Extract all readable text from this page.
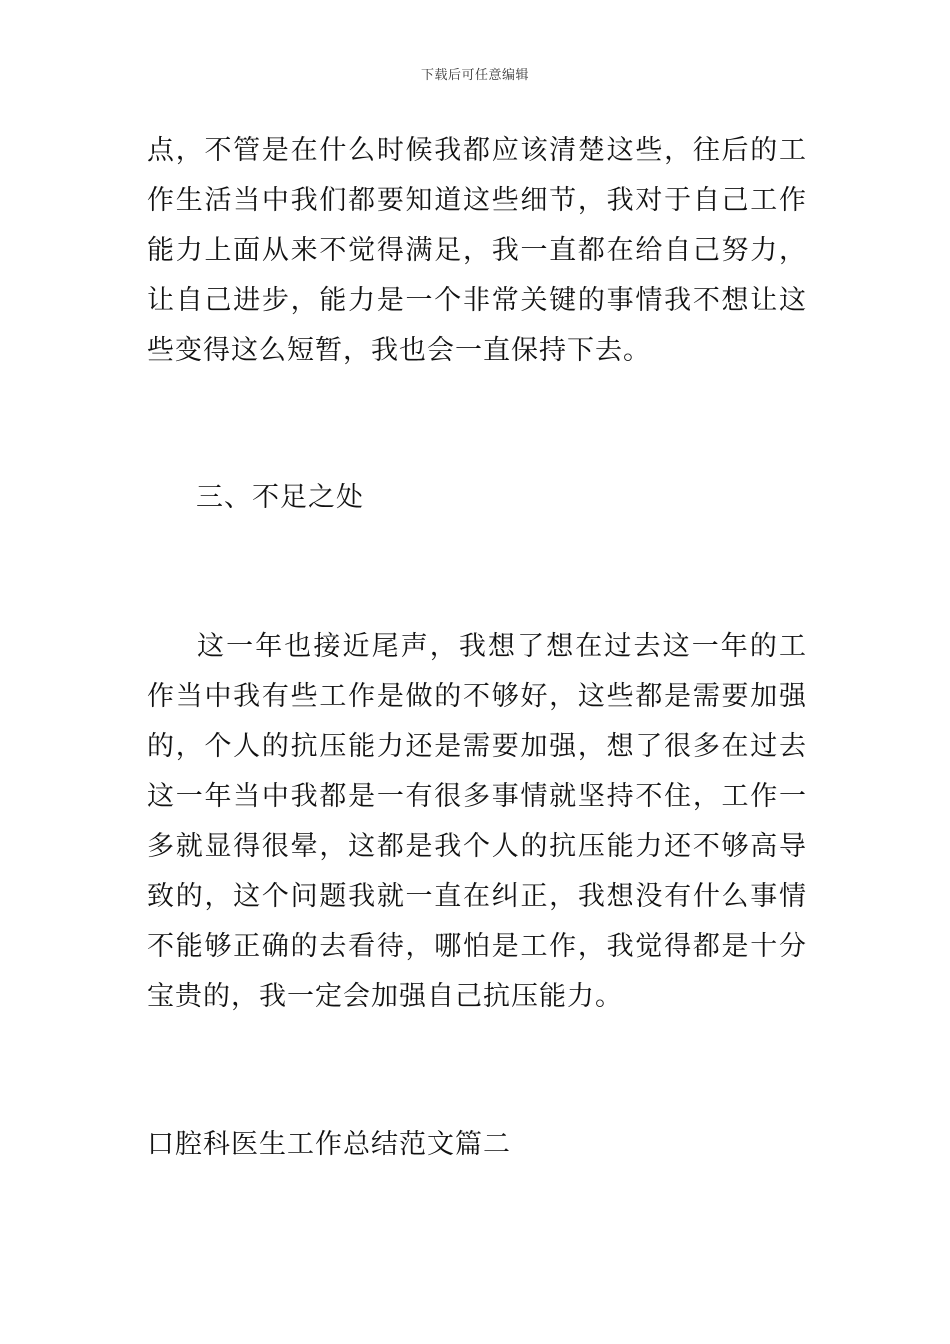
下载后可任意编辑
点，不管是在什么时候我都应该清楚这些，往后的工作生活当中我们都要知道这些细节，我对于自己工作能力上面从来不觉得满足，我一直都在给自己努力，让自己进步，能力是一个非常关键的事情我不想让这些变得这么短暂，我也会一直保持下去。
三、不足之处
这一年也接近尾声，我想了想在过去这一年的工作当中我有些工作是做的不够好，这些都是需要加强的，个人的抗压能力还是需要加强，想了很多在过去这一年当中我都是一有很多事情就坚持不住，工作一多就显得很晕，这都是我个人的抗压能力还不够高导致的，这个问题我就一直在纠正，我想没有什么事情不能够正确的去看待，哪怕是工作，我觉得都是十分宝贵的，我一定会加强自己抗压能力。
口腔科医生工作总结范文篇二
